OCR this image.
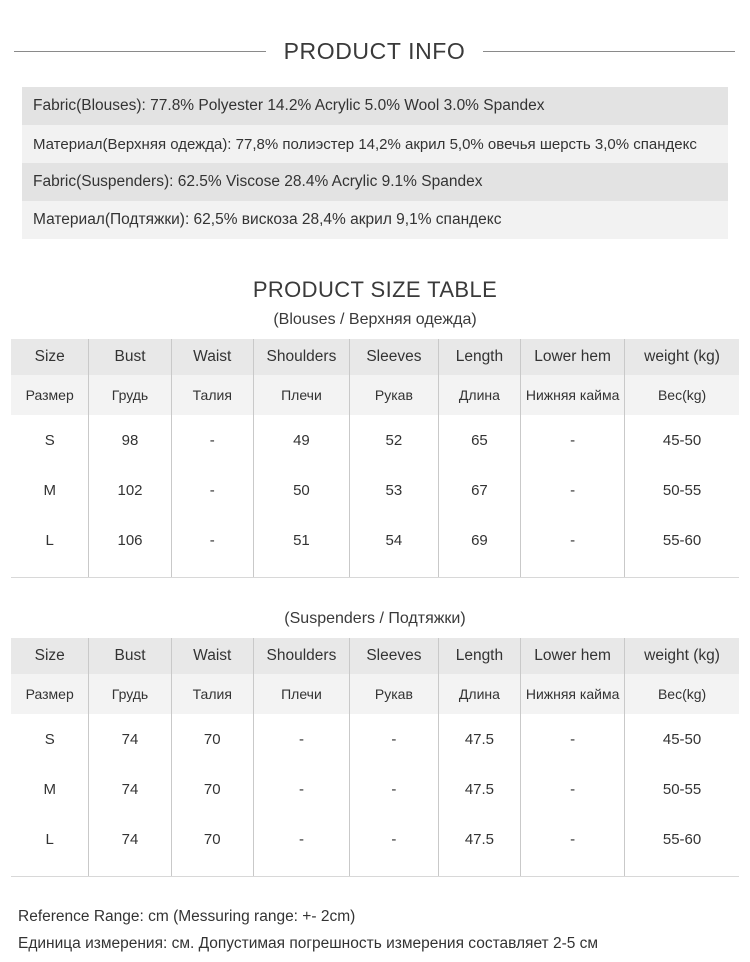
PRODUCT INFO
Fabric(Blouses): 77.8% Polyester 14.2% Acrylic 5.0% Wool 3.0% Spandex
Материал(Верхняя одежда): 77,8% полиэстер 14,2% акрил 5,0% овечья шерсть 3,0% спандекс
Fabric(Suspenders): 62.5% Viscose 28.4% Acrylic 9.1% Spandex
Материал(Подтяжки): 62,5% вискоза 28,4% акрил 9,1% спандекс
PRODUCT SIZE TABLE
(Blouses / Верхняя одежда)
Size	Bust	Waist	Shoulders	Sleeves	Length	Lower hem	weight (kg)
Размер	Грудь	Талия	Плечи	Рукав	Длина	Нижняя кайма	Вес(kg)
S	98	-	49	52	65	-	45-50
M	102	-	50	53	67	-	50-55
L	106	-	51	54	69	-	55-60

(Suspenders / Подтяжки)
Size	Bust	Waist	Shoulders	Sleeves	Length	Lower hem	weight (kg)
Размер	Грудь	Талия	Плечи	Рукав	Длина	Нижняя кайма	Вес(kg)
S	74	70	-	-	47.5	-	45-50
M	74	70	-	-	47.5	-	50-55
L	74	70	-	-	47.5	-	55-60

Reference Range: cm (Messuring range: +- 2cm)
Единица измерения: см. Допустимая погрешность измерения составляет 2-5 см
